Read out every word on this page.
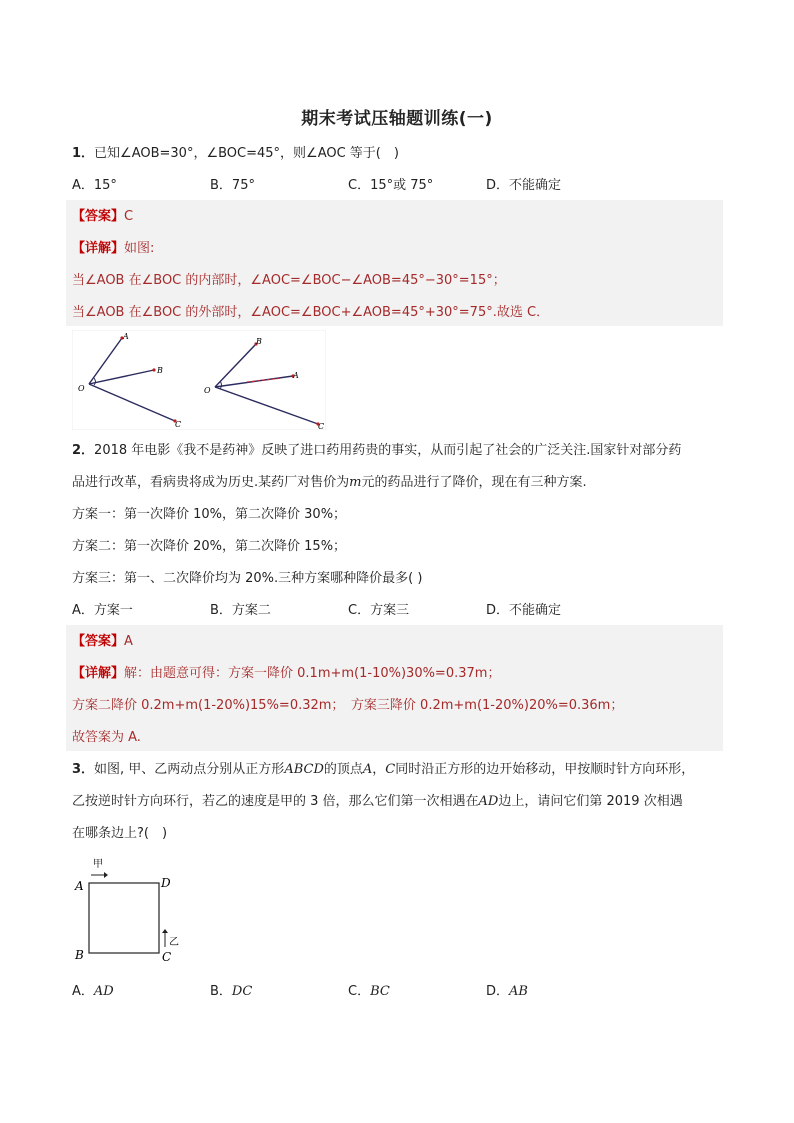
期末考试压轴题训练(一)
1．已知∠AOB=30°，∠BOC=45°，则∠AOC 等于(　)
A．15°	B．75°	C．15°或 75°	D．不能确定
【答案】C
【详解】如图:
当∠AOB 在∠BOC 的内部时，∠AOC=∠BOC−∠AOB=45°−30°=15°；
当∠AOB 在∠BOC 的外部时，∠AOC=∠BOC+∠AOB=45°+30°=75°.故选 C．
A
B
O
C
B
A
O
C
2．2018 年电影《我不是药神》反映了进口药用药贵的事实，从而引起了社会的广泛关注.国家针对部分药
品进行改革，看病贵将成为历史.某药厂对售价为m元的药品进行了降价，现在有三种方案.
方案一：第一次降价 10%，第二次降价 30%；
方案二：第一次降价 20%，第二次降价 15%；
方案三：第一、二次降价均为 20%.三种方案哪种降价最多( )
A．方案一	B．方案二	C．方案三	D．不能确定
【答案】A
【详解】解：由题意可得：方案一降价 0.1m+m(1-10%)30%=0.37m；
方案二降价 0.2m+m(1-20%)15%=0.32m；　方案三降价 0.2m+m(1-20%)20%=0.36m；
故答案为 A.
3．如图, 甲、乙两动点分别从正方形ABCD的顶点A，C同时沿正方形的边开始移动，甲按顺时针方向环形，
乙按逆时针方向环行，若乙的速度是甲的 3 倍，那么它们第一次相遇在AD边上，请问它们第 2019 次相遇
在哪条边上?(　)
甲
乙
A
B	C
D
A．AD	B．DC	C．BC	D．AB
